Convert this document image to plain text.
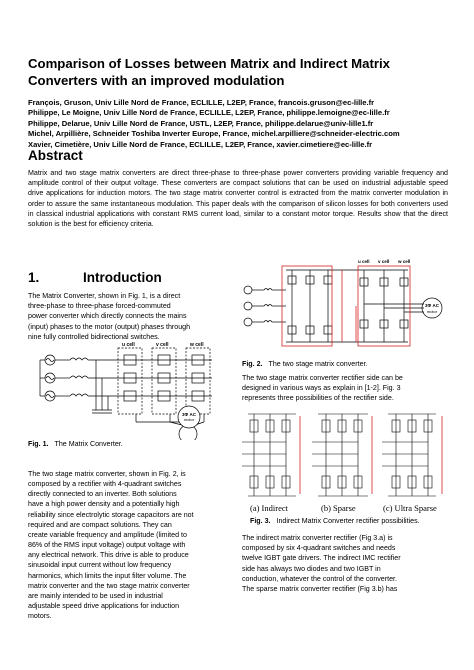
Comparison of Losses between Matrix and Indirect Matrix Converters with an improved modulation
François, Gruson, Univ Lille Nord de France, ECLILLE, L2EP, France, francois.gruson@ec-lille.fr
Philippe, Le Moigne, Univ Lille Nord de France, ECLILLE, L2EP, France, philippe.lemoigne@ec-lille.fr
Philippe, Delarue, Univ Lille Nord de France, USTL, L2EP, France, philippe.delarue@univ-lille1.fr
Michel, Arpillière, Schneider Toshiba Inverter Europe, France, michel.arpilliere@schneider-electric.com
Xavier, Cimetière, Univ Lille Nord de France, ECLILLE, L2EP, France, xavier.cimetiere@ec-lille.fr
Abstract
Matrix and two stage matrix converters are direct three-phase to three-phase power converters providing variable frequency and amplitude control of their output voltage. These converters are compact solutions that can be used on industrial adjustable speed drive applications for induction motors. The two stage matrix converter control is extracted from the matrix converter modulation in order to assure the same instantaneous modulation. This paper deals with the comparison of silicon losses for both converters used in classical industrial applications with constant RMS current load, similar to a constant motor torque. Results show that the direct solution is the best for efficiency criteria.
1.	Introduction
The Matrix Converter, shown in Fig. 1, is a direct
three-phase to three-phase forced-commuted
power converter which directly connects the mains
(input) phases to the motor (output) phases through
nine fully controlled bidirectional switches.
u cell	v cell	w cell
3Φ AC
motor
Fig. 1. The Matrix Converter.
The two stage matrix converter, shown in Fig. 2, is
composed by a rectifier with 4-quadrant switches
directly connected to an inverter. Both solutions
have a high power density and a potentially high
reliability since electrolytic storage capacitors are not
required and are compact solutions. They can
create variable frequency and amplitude (limited to
86% of the RMS input voltage) output voltage with
any electrical network. This drive is able to produce
sinusoidal input current without low frequency
harmonics, which limits the input filter volume. The
matrix converter and the two stage matrix converter
are mainly intended to be used in industrial
adjustable speed drive applications for induction
motors.
u cell v cell w cell
3Φ AC
motor
Fig. 2. The two stage matrix converter.
The two stage matrix converter rectifier side can be
designed in various ways as explain in [1-2]. Fig. 3
represents three possibilities of the rectifier side.
(a) Indirect	(b) Sparse	(c) Ultra Sparse
Fig. 3. Indirect Matrix Converter rectifier possibilities.
The indirect matrix converter rectifier (Fig 3.a) is
composed by six 4-quadrant switches and needs
twelve IGBT gate drivers. The indirect IMC rectifier
side has always two diodes and two IGBT in
conduction, whatever the control of the converter.
The sparse matrix converter rectifier (Fig 3.b) has
